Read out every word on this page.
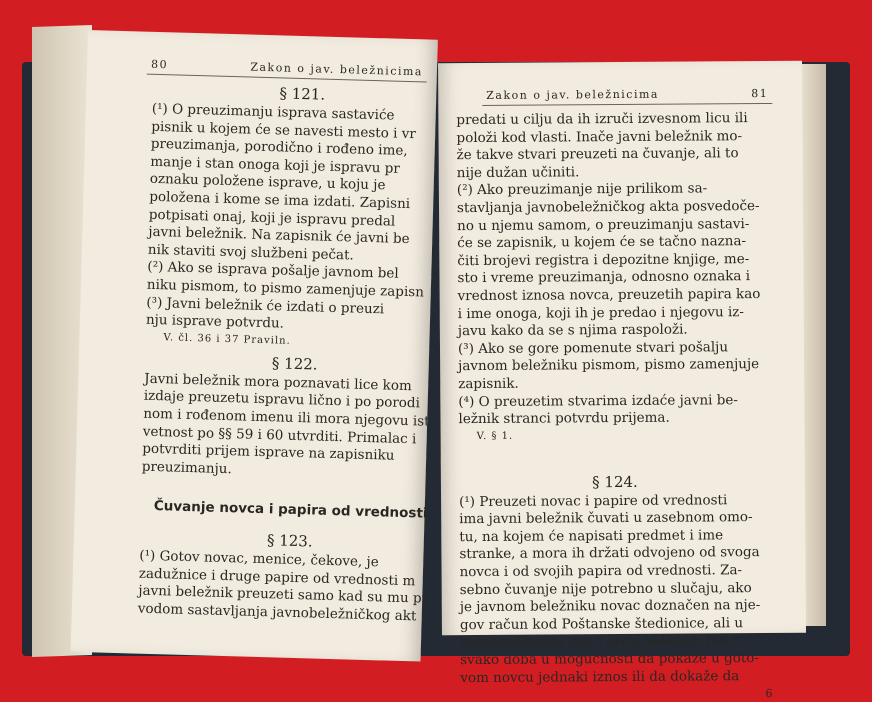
80	Zakon o jav. beležnicima
§ 121.

(¹) O preuzimanju isprava sastaviće

pisnik u kojem će se navesti mesto i vr

preuzimanja, porodično i rođeno ime,

manje i stan onoga koji je ispravu pr

oznaku položene isprave, u koju je

položena i kome se ima izdati. Zapisni

potpisati onaj, koji je ispravu predal

javni beležnik. Na zapisnik će javni be

nik staviti svoj službeni pečat.

(²) Ako se isprava pošalje javnom bel

niku pismom, to pismo zamenjuje zapisn

(³) Javni beležnik će izdati o preuzi

nju isprave potvrdu.

V. čl. 36 i 37 Praviln.
§ 122.

Javni beležnik mora poznavati lice kom

izdaje preuzetu ispravu lično i po porodi

nom i rođenom imenu ili mora njegovu ist

vetnost po §§ 59 i 60 utvrditi. Primalac i

potvrditi prijem isprave na zapisniku

preuzimanju.

Čuvanje novca i papira od vrednosti
§ 123.

(¹) Gotov novac, menice, čekove, je

zadužnice i druge papire od vrednosti m

javni beležnik preuzeti samo kad su mu pr

vodom sastavljanja javnobeležničkog akt

Zakon o jav. beležnicima	81

predati u cilju da ih izruči izvesnom licu ili

položi kod vlasti. Inače javni beležnik mo-

že takve stvari preuzeti na čuvanje, ali to

nije dužan učiniti.

(²) Ako preuzimanje nije prilikom sa-

stavljanja javnobeležničkog akta posvedoče-

no u njemu samom, o preuzimanju sastavi-

će se zapisnik, u kojem će se tačno nazna-

čiti brojevi registra i depozitne knjige, me-

sto i vreme preuzimanja, odnosno oznaka i

vrednost iznosa novca, preuzetih papira kao

i ime onoga, koji ih je predao i njegovu iz-

javu kako da se s njima raspoloži.

(³) Ako se gore pomenute stvari pošalju

javnom beležniku pismom, pismo zamenjuje

zapisnik.

(⁴) O preuzetim stvarima izdaće javni be-

ležnik stranci potvrdu prijema.

V. § 1.
§ 124.

(¹) Preuzeti novac i papire od vrednosti

ima javni beležnik čuvati u zasebnom omo-

tu, na kojem će napisati predmet i ime

stranke, a mora ih držati odvojeno od svoga

novca i od svojih papira od vrednosti. Za-

sebno čuvanje nije potrebno u slučaju, ako

je javnom beležniku novac doznačen na nje-

gov račun kod Poštanske štedionice, ali u

takvom slučaju mora javni beležnik biti u

svako doba u mogućnosti da pokaže u goto-

vom novcu jednaki iznos ili da dokaže da

6
